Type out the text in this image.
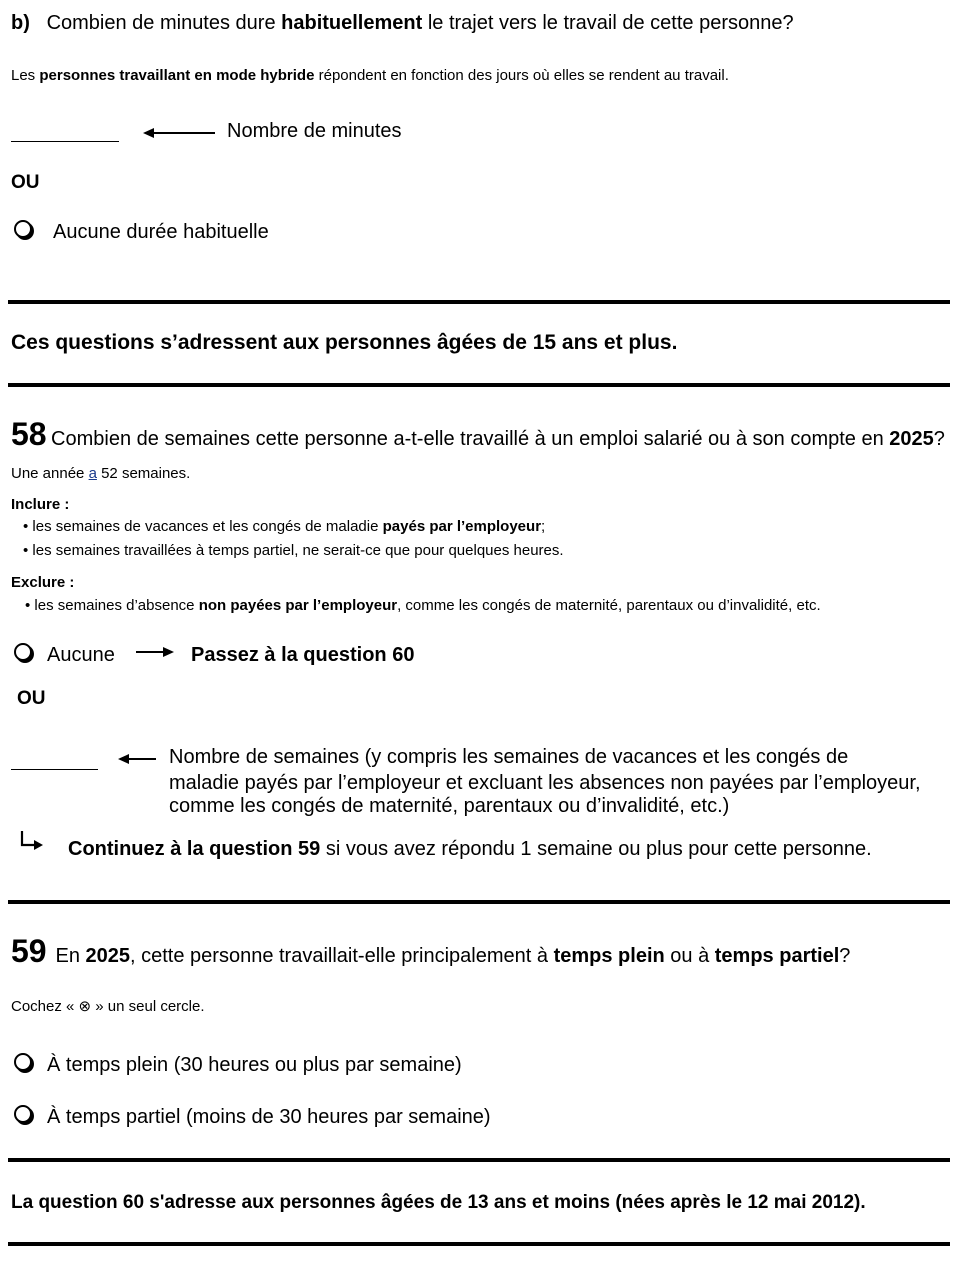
b) Combien de minutes dure habituellement le trajet vers le travail de cette personne?
Les personnes travaillant en mode hybride répondent en fonction des jours où elles se rendent au travail.
Nombre de minutes
OU
Aucune durée habituelle
Ces questions s’adressent aux personnes âgées de 15 ans et plus.
58 Combien de semaines cette personne a-t-elle travaillé à un emploi salarié ou à son compte en 2025?
Une année a 52 semaines.
Inclure :
• les semaines de vacances et les congés de maladie payés par l’employeur;
• les semaines travaillées à temps partiel, ne serait-ce que pour quelques heures.
Exclure :
• les semaines d’absence non payées par l’employeur, comme les congés de maternité, parentaux ou d’invalidité, etc.
Aucune	Passez à la question 60
OU
Nombre de semaines (y compris les semaines de vacances et les congés de
maladie payés par l’employeur et excluant les absences non payées par l’employeur,
comme les congés de maternité, parentaux ou d’invalidité, etc.)
Continuez à la question 59 si vous avez répondu 1 semaine ou plus pour cette personne.
59 En 2025, cette personne travaillait-elle principalement à temps plein ou à temps partiel?
Cochez « ⊗ » un seul cercle.
À temps plein (30 heures ou plus par semaine)
À temps partiel (moins de 30 heures par semaine)
La question 60 s'adresse aux personnes âgées de 13 ans et moins (nées après le 12 mai 2012).
